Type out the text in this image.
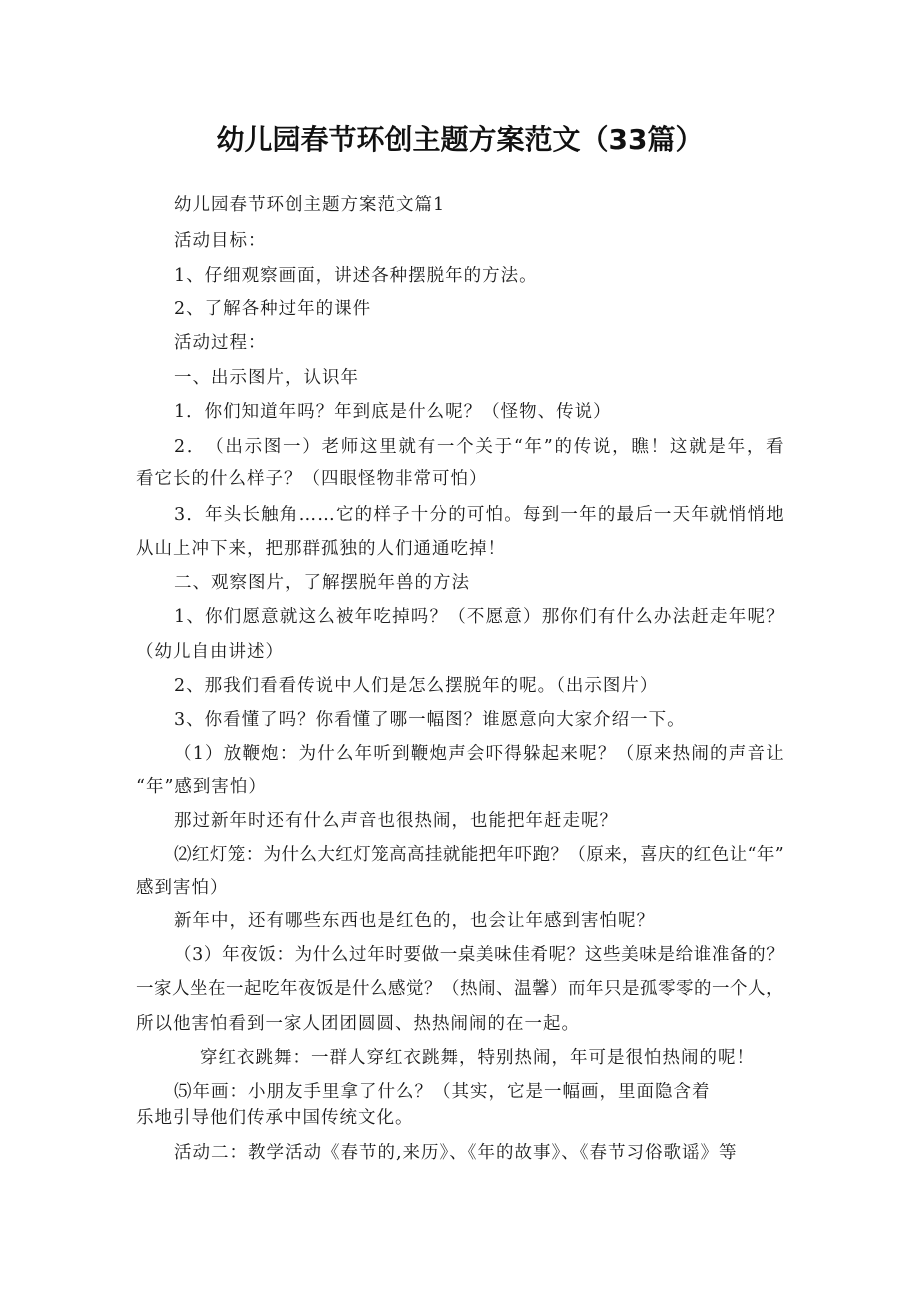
幼儿园春节环创主题方案范文（33篇）
幼儿园春节环创主题方案范文篇1
活动目标：
1、仔细观察画面，讲述各种摆脱年的方法。
2、了解各种过年的课件
活动过程：
一、出示图片，认识年
1．你们知道年吗？年到底是什么呢？（怪物、传说）
2 ． （ 出 示 图 一 ） 老 师 这 里 就 有 一 个 关 于 “ 年 ” 的 传 说 ， 瞧 ！ 这 就 是 年 ， 看
看它长的什么样子？（四眼怪物非常可怕）
3 ． 年 头 长 触 角 … … 它 的 样 子 十 分 的 可 怕 。 每 到 一 年 的 最 后 一 天 年 就 悄 悄 地
从山上冲下来，把那群孤独的人们通通吃掉！
二、观察图片，了解摆脱年兽的方法
1 、 你 们 愿 意 就 这 么 被 年 吃 掉 吗 ？ （ 不 愿 意 ） 那 你 们 有 什 么 办 法 赶 走 年 呢 ？
（幼儿自由讲述）
2、那我们看看传说中人们是怎么摆脱年的呢。（出示图片）
3、你看懂了吗？你看懂了哪一幅图？谁愿意向大家介绍一下。
（ 1 ） 放 鞭 炮 ： 为 什 么 年 听 到 鞭 炮 声 会 吓 得 躲 起 来 呢 ？ （ 原 来 热 闹 的 声 音 让
“年”感到害怕）
那过新年时还有什么声音也很热闹，也能把年赶走呢？
⑵ 红 灯 笼 ： 为 什 么 大 红 灯 笼 高 高 挂 就 能 把 年 吓 跑 ？ （ 原 来 ， 喜 庆 的 红 色 让 “ 年 ”
感到害怕）
新年中，还有哪些东西也是红色的，也会让年感到害怕呢？
（ 3 ） 年 夜 饭 ： 为 什 么 过 年 时 要 做 一 桌 美 味 佳 肴 呢 ？ 这 些 美 味 是 给 谁 准 备 的 ？
一 家 人 坐 在 一 起 吃 年 夜 饭 是 什 么 感 觉 ？ （ 热 闹 、 温 馨 ） 而 年 只 是 孤 零 零 的 一 个 人 ，
所以他害怕看到一家人团团圆圆、热热闹闹的在一起。
穿红衣跳舞：一群人穿红衣跳舞，特别热闹，年可是很怕热闹的呢！
⑸年画：小朋友手里拿了什么？（其实，它是一幅画，里面隐含着
乐地引导他们传承中国传统文化。
活动二：教学活动《春节的,来历》、《年的故事》、《春节习俗歌谣》等
